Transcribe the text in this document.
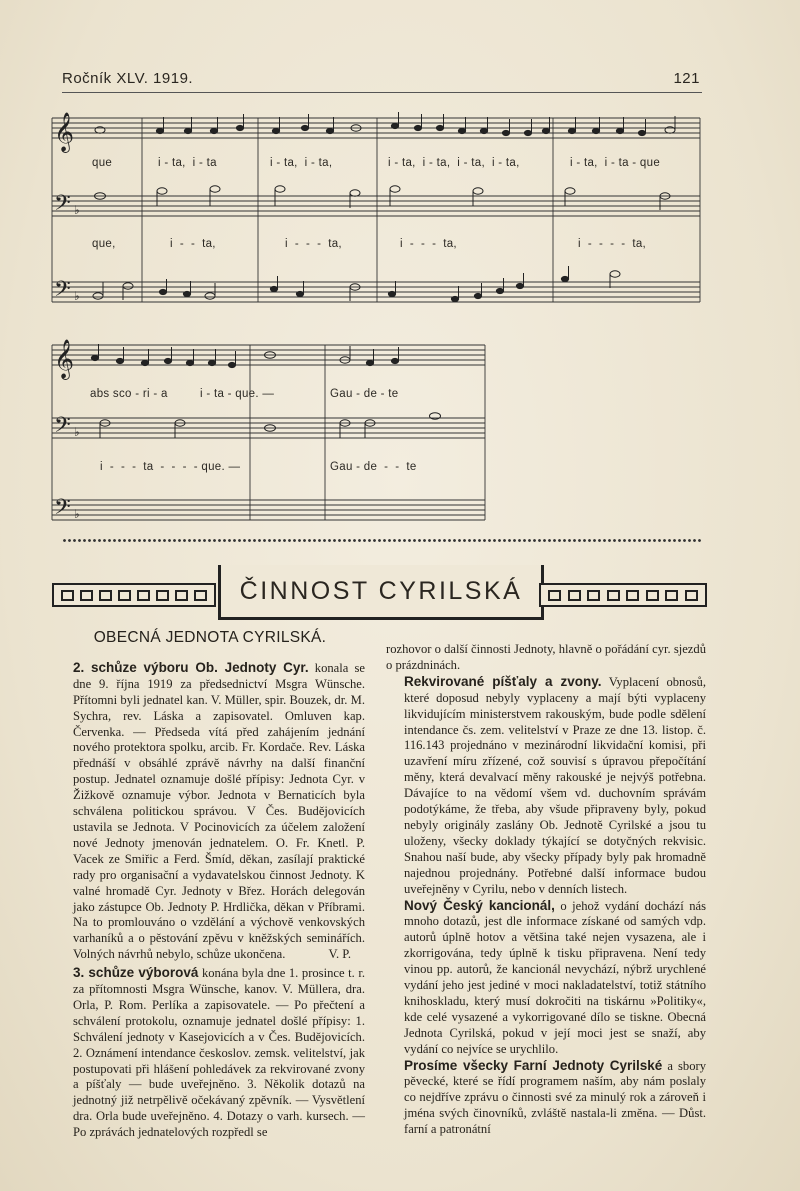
Ročník XLV. 1919.	121
𝄞
𝄢
𝄢
𝄞
𝄢
𝄢
♭
♭
♭
♭
que	i - ta,  i - ta	i - ta,  i - ta,	i - ta,  i - ta,  i - ta,  i - ta,	i - ta,  i - ta - que
que,	i  -  -  ta,	i  -  -  -  ta,	i  -  -  -  ta,	i  -  -  -  -  ta,
abs sco - ri - a	i - ta - que. —	Gau - de - te
i  -  -  -  ta  -  -  -  - que. —	Gau - de  -  -  te
ČINNOST CYRILSKÁ
OBECNÁ JEDNOTA CYRILSKÁ.

2. schůze výboru Ob. Jednoty Cyr. konala se dne 9. října 1919 za předsednictví Msgra Wünsche. Přítomni byli jednatel kan. V. Müller, spir. Bouzek, dr. M. Sychra, rev. Láska a zapisovatel. Omluven kap. Červenka. — Předseda vítá před zahájením jednání nového protektora spolku, arcib. Fr. Kordače. Rev. Láska přednáší v obsáhlé zprávě návrhy na další finanční postup. Jednatel oznamuje došlé přípisy: Jednota Cyr. v Žižkově oznamuje výbor. Jednota v Bernaticích byla schválena politickou správou. V Čes. Budějovicích ustavila se Jednota. V Pocinovicích za účelem založení nové Jednoty jmenován jednatelem. O. Fr. Knetl. P. Vacek ze Smiřic a Ferd. Šmíd, děkan, zasílají praktické rady pro organisační a vydavatelskou činnost Jednoty. K valné hromadě Cyr. Jednoty v Břez. Horách delegován jako zástupce Ob. Jednoty P. Hrdlička, děkan v Příbrami. Na to promlouváno o vzdělání a výchově venkovských varhaníků a o pěstování zpěvu v kněžských seminářích. Volných návrhů nebylo, schůze ukončena.	V. P.

3. schůze výborová konána byla dne 1. prosince t. r. za přítomnosti Msgra Wünsche, kanov. V. Müllera, dra. Orla, P. Rom. Perlíka a zapisovatele. — Po přečtení a schválení protokolu, oznamuje jednatel došlé přípisy: 1. Schválení jednoty v Kasejovicích a v Čes. Budějovicích. 2. Oznámení intendance českoslov. zemsk. velitelství, jak postupovati při hlášení pohledávek za rekvirované zvony a píšťaly — bude uveřejněno. 3. Několik dotazů na jednotný již netrpělivě očekávaný zpěvník. — Vysvětlení dra. Orla bude uveřejněno. 4. Dotazy o varh. kursech. — Po zprávách jednatelových rozpředl se

rozhovor o další činnosti Jednoty, hlavně o pořádání cyr. sjezdů o prázdninách.

Rekvirované píšťaly a zvony. Vyplacení obnosů, které doposud nebyly vyplaceny a mají býti vyplaceny likvidujícím ministerstvem rakouským, bude podle sdělení intendance čs. zem. velitelství v Praze ze dne 13. listop. č. 116.143 projednáno v mezinárodní likvidační komisi, při uzavření míru zřízené, což souvisí s úpravou přepočítání měny, která devalvací měny rakouské je nejvýš potřebna. Dávajíce to na vědomí všem vd. duchovním správám podotýkáme, že třeba, aby všude připraveny byly, pokud nebyly originály zaslány Ob. Jednotě Cyrilské a jsou tu uloženy, všecky doklady týkající se dotyčných rekvisic. Snahou naší bude, aby všecky případy byly pak hromadně najednou projednány. Potřebné další informace budou uveřejněny v Cyrilu, nebo v denních listech.

Nový Český kancionál, o jehož vydání dochází nás mnoho dotazů, jest dle informace získané od samých vdp. autorů úplně hotov a většina také nejen vysazena, ale i zkorrigována, tedy úplně k tisku připravena. Není tedy vinou pp. autorů, že kancionál nevychází, nýbrž urychlené vydání jeho jest jediné v moci nakladatelství, totiž státního knihoskladu, který musí dokročiti na tiskárnu »Politiky«, kde celé vysazené a vykorrigované dílo se tiskne. Obecná Jednota Cyrilská, pokud v její moci jest se snaží, aby vydání co nejvíce se urychlilo.

Prosíme všecky Farní Jednoty Cyrilské a sbory pěvecké, které se řídí programem naším, aby nám poslaly co nejdříve zprávu o činnosti své za minulý rok a zároveň i jména svých činovníků, zvláště nastala-li změna. — Důst. farní a patronátní
